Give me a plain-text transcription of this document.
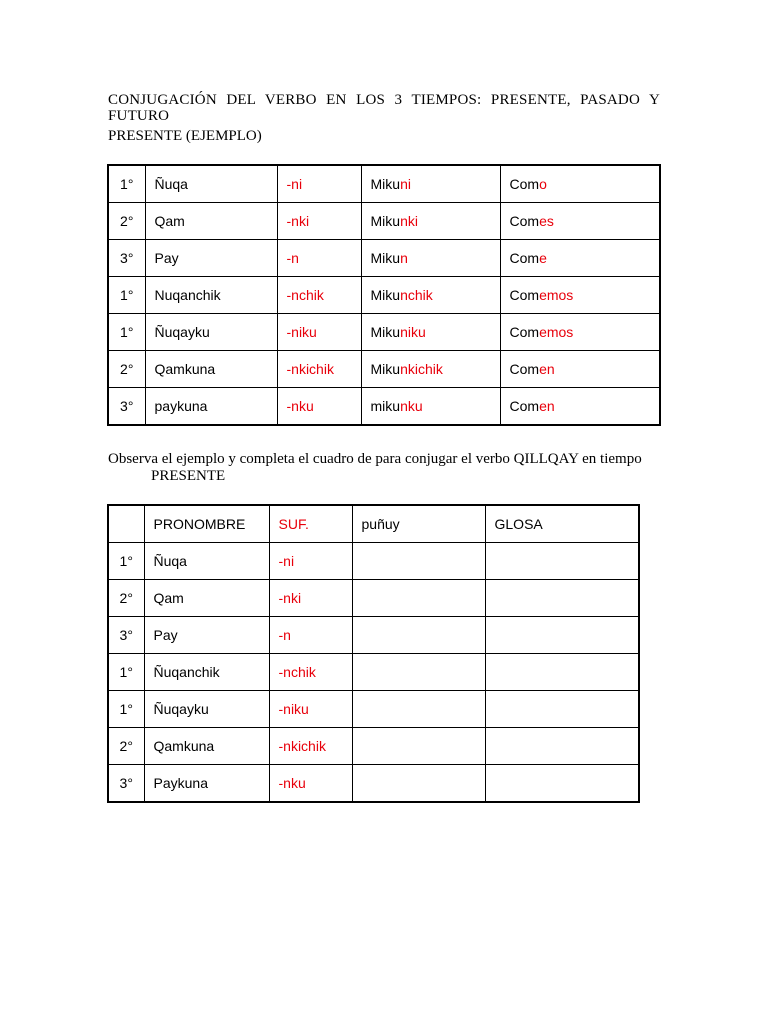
CONJUGACIÓN DEL VERBO EN LOS 3 TIEMPOS: PRESENTE, PASADO Y FUTURO
PRESENTE (EJEMPLO)
1°	Ñuqa	-ni	Mikuni	Como
2°	Qam	-nki	Mikunki	Comes
3°	Pay	-n	Mikun	Come
1°	Nuqanchik	-nchik	Mikunchik	Comemos
1°	Ñuqayku	-niku	Mikuniku	Comemos
2°	Qamkuna	-nkichik	Mikunkichik	Comen
3°	paykuna	-nku	mikunku	Comen
Observa el ejemplo y completa el cuadro de para conjugar el verbo QILLQAY en tiempo
PRESENTE
	PRONOMBRE	SUF.	puñuy	GLOSA
1°	Ñuqa	-ni		
2°	Qam	-nki		
3°	Pay	-n		
1°	Ñuqanchik	-nchik		
1°	Ñuqayku	-niku		
2°	Qamkuna	-nkichik		
3°	Paykuna	-nku		
